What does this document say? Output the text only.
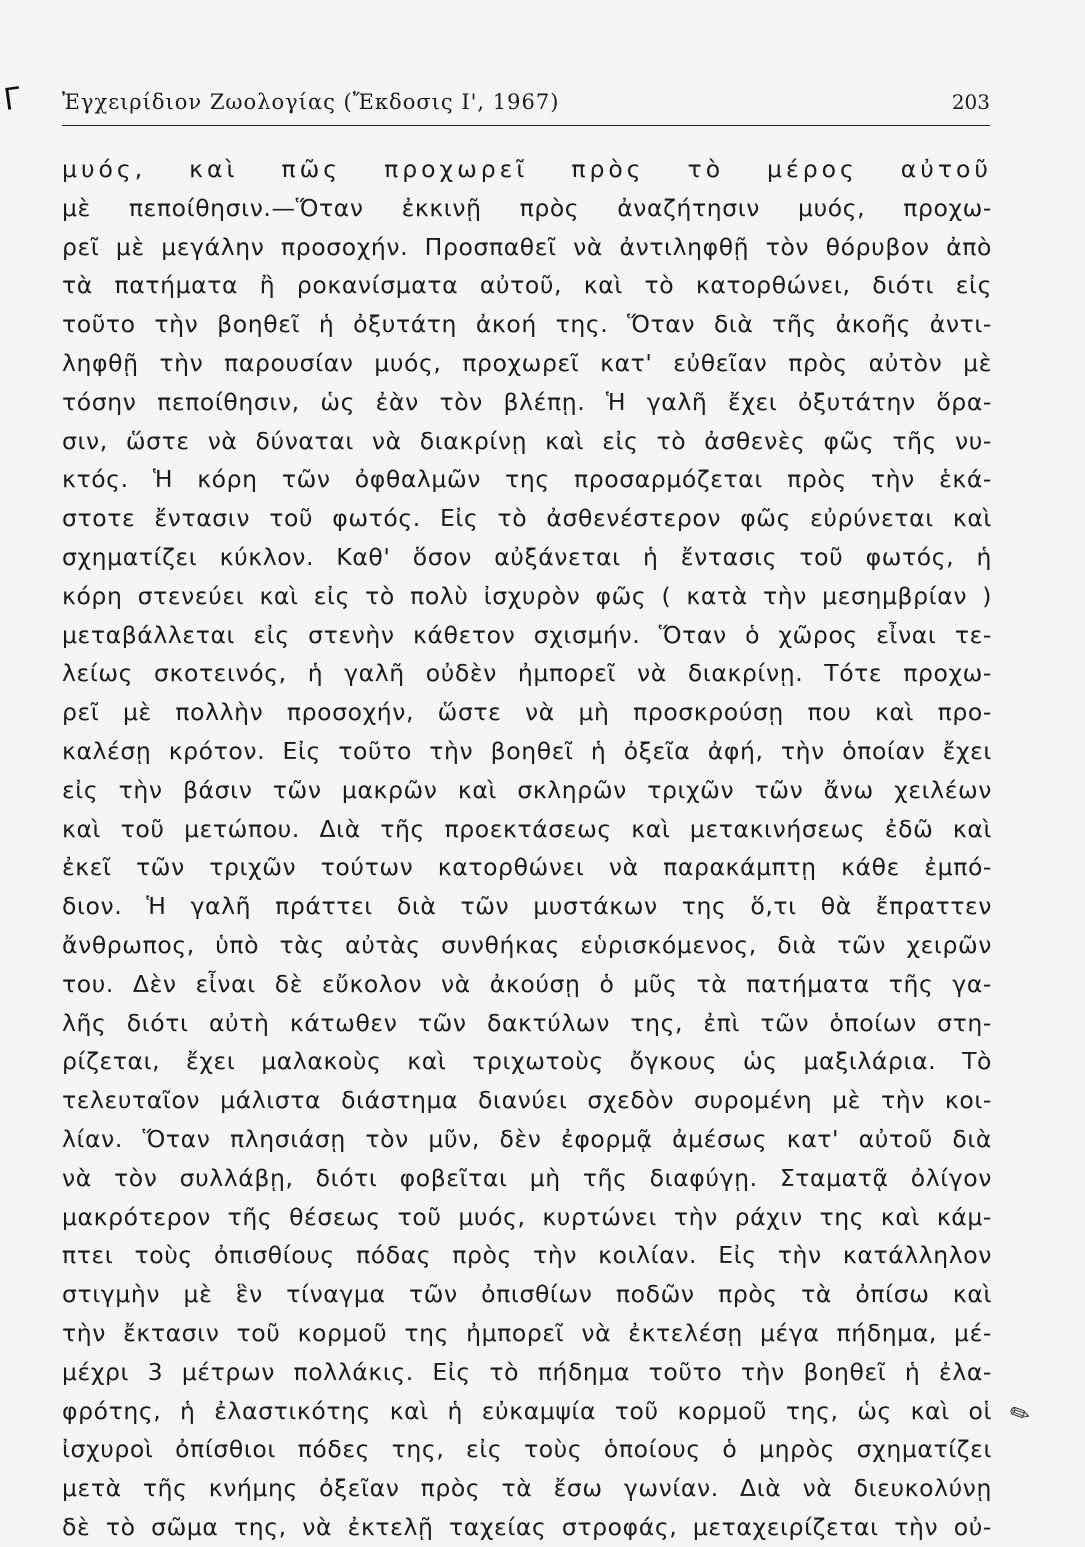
Γ Ἐγχειρίδιον Ζωολογίας (Ἔκδοσις Ι', 1967)	203
μυός, καὶ πῶς προχωρεῖ πρὸς τὸ μέρος αὐτοῦ
μὲ πεποίθησιν.—Ὅταν ἐκκινῇ πρὸς ἀναζήτησιν μυός, προχω-
ρεῖ μὲ μεγάλην προσοχήν. Προσπαθεῖ νὰ ἀντιληφθῇ τὸν θόρυβον ἀπὸ
τὰ πατήματα ἢ ροκανίσματα αὐτοῦ, καὶ τὸ κατορθώνει, διότι εἰς
τοῦτο τὴν βοηθεῖ ἡ ὀξυτάτη ἀκοή της. Ὅταν διὰ τῆς ἀκοῆς ἀντι-
ληφθῇ τὴν παρουσίαν μυός, προχωρεῖ κατ' εὐθεῖαν πρὸς αὐτὸν μὲ
τόσην πεποίθησιν, ὡς ἐὰν τὸν βλέπῃ. Ἡ γαλῆ ἔχει ὀξυτάτην ὅρα-
σιν, ὥστε νὰ δύναται νὰ διακρίνῃ καὶ εἰς τὸ ἀσθενὲς φῶς τῆς νυ-
κτός. Ἡ κόρη τῶν ὀφθαλμῶν της προσαρμόζεται πρὸς τὴν ἑκά-
στοτε ἔντασιν τοῦ φωτός. Εἰς τὸ ἀσθενέστερον φῶς εὐρύνεται καὶ
σχηματίζει κύκλον. Καθ' ὅσον αὐξάνεται ἡ ἔντασις τοῦ φωτός, ἡ
κόρη στενεύει καὶ εἰς τὸ πολὺ ἰσχυρὸν φῶς ( κατὰ τὴν μεσημβρίαν )
μεταβάλλεται εἰς στενὴν κάθετον σχισμήν. Ὅταν ὁ χῶρος εἶναι τε-
λείως σκοτεινός, ἡ γαλῆ οὐδὲν ἠμπορεῖ νὰ διακρίνῃ. Τότε προχω-
ρεῖ μὲ πολλὴν προσοχήν, ὥστε νὰ μὴ προσκρούσῃ που καὶ προ-
καλέσῃ κρότον. Εἰς τοῦτο τὴν βοηθεῖ ἡ ὀξεῖα ἀφή, τὴν ὁποίαν ἔχει
εἰς τὴν βάσιν τῶν μακρῶν καὶ σκληρῶν τριχῶν τῶν ἄνω χειλέων
καὶ τοῦ μετώπου. Διὰ τῆς προεκτάσεως καὶ μετακινήσεως ἐδῶ καὶ
ἐκεῖ τῶν τριχῶν τούτων κατορθώνει νὰ παρακάμπτῃ κάθε ἐμπό-
διον. Ἡ γαλῆ πράττει διὰ τῶν μυστάκων της ὅ,τι θὰ ἔπραττεν
ἄνθρωπος, ὑπὸ τὰς αὐτὰς συνθήκας εὑρισκόμενος, διὰ τῶν χειρῶν
του. Δὲν εἶναι δὲ εὔκολον νὰ ἀκούσῃ ὁ μῦς τὰ πατήματα τῆς γα-
λῆς διότι αὐτὴ κάτωθεν τῶν δακτύλων της, ἐπὶ τῶν ὁποίων στη-
ρίζεται, ἔχει μαλακοὺς καὶ τριχωτοὺς ὄγκους ὡς μαξιλάρια. Τὸ
τελευταῖον μάλιστα διάστημα διανύει σχεδὸν συρομένη μὲ τὴν κοι-
λίαν. Ὅταν πλησιάσῃ τὸν μῦν, δὲν ἐφορμᾷ ἀμέσως κατ' αὐτοῦ διὰ
νὰ τὸν συλλάβῃ, διότι φοβεῖται μὴ τῆς διαφύγῃ. Σταματᾷ ὀλίγον
μακρότερον τῆς θέσεως τοῦ μυός, κυρτώνει τὴν ράχιν της καὶ κάμ-
πτει τοὺς ὀπισθίους πόδας πρὸς τὴν κοιλίαν. Εἰς τὴν κατάλληλον
στιγμὴν μὲ ἓν τίναγμα τῶν ὀπισθίων ποδῶν πρὸς τὰ ὀπίσω καὶ
τὴν ἔκτασιν τοῦ κορμοῦ της ἠμπορεῖ νὰ ἐκτελέσῃ μέγα πήδημα, μέ-
μέχρι 3 μέτρων πολλάκις. Εἰς τὸ πήδημα τοῦτο τὴν βοηθεῖ ἡ ἐλα-
φρότης, ἡ ἐλαστικότης καὶ ἡ εὐκαμψία τοῦ κορμοῦ της, ὡς καὶ οἱ
ἰσχυροὶ ὀπίσθιοι πόδες της, εἰς τοὺς ὁποίους ὁ μηρὸς σχηματίζει
μετὰ τῆς κνήμης ὀξεῖαν πρὸς τὰ ἔσω γωνίαν. Διὰ νὰ διευκολύνῃ
δὲ τὸ σῶμα της, νὰ ἐκτελῇ ταχείας στροφάς, μεταχειρίζεται τὴν οὐ-
✎
